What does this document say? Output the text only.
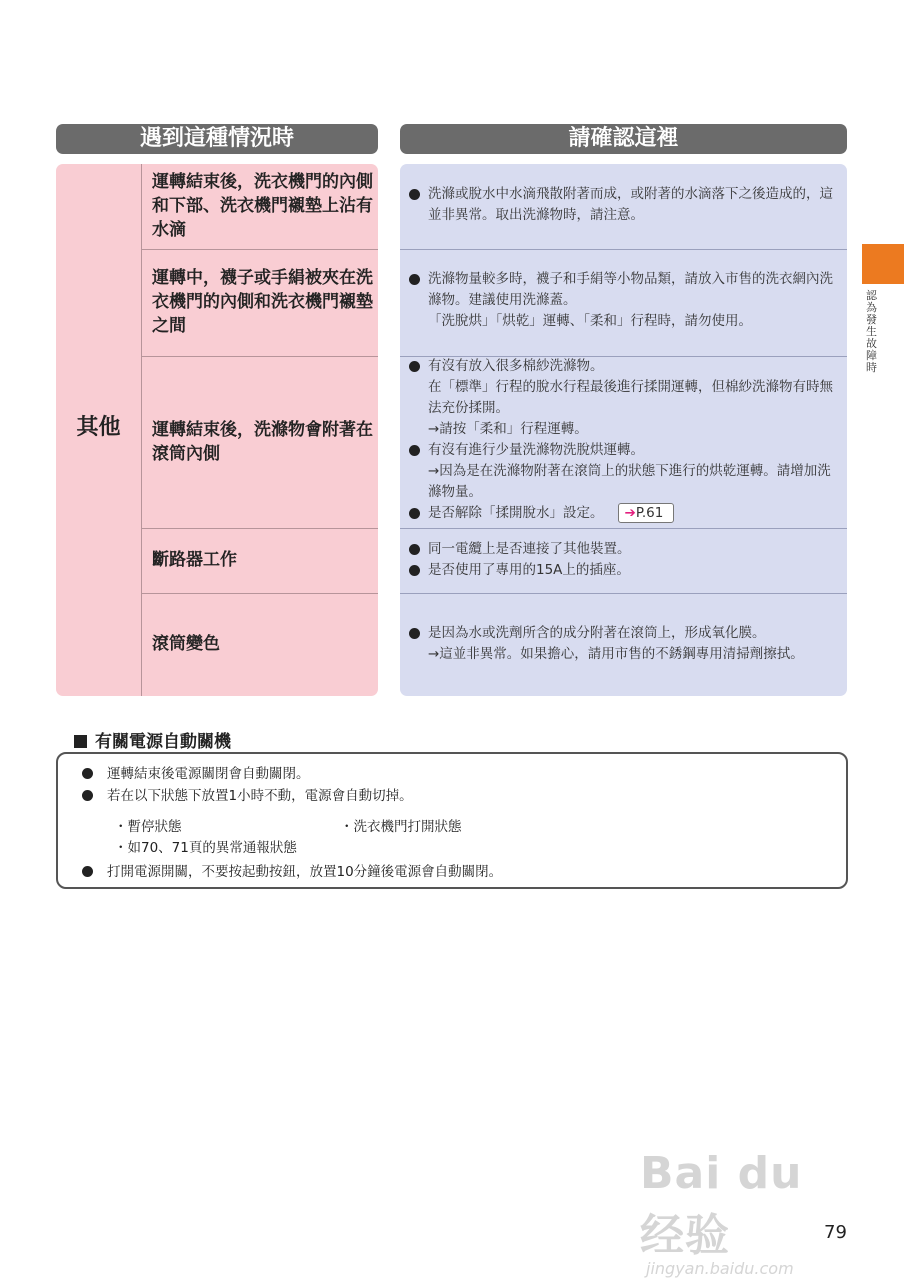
遇到這種情況時	請確認這裡
其他
運轉結束後，洗衣機門的內側和下部、洗衣機門襯墊上沾有水滴
洗滌或脫水中水滴飛散附著而成，或附著的水滴落下之後造成的，這並非異常。取出洗滌物時，請注意。
運轉中，襪子或手絹被夾在洗衣機門的內側和洗衣機門襯墊之間
洗滌物量較多時，襪子和手絹等小物品類，請放入市售的洗衣網內洗滌物。建議使用洗滌蓋。
「洗脫烘」「烘乾」運轉、「柔和」行程時，請勿使用。
運轉結束後，洗滌物會附著在滾筒內側
有沒有放入很多棉紗洗滌物。
在「標準」行程的脫水行程最後進行揉開運轉，但棉紗洗滌物有時無法充份揉開。
→請按「柔和」行程運轉。
有沒有進行少量洗滌物洗脫烘運轉。
→因為是在洗滌物附著在滾筒上的狀態下進行的烘乾運轉。請增加洗滌物量。
是否解除「揉開脫水」設定。 ➔P.61
斷路器工作
同一電纜上是否連接了其他裝置。
是否使用了專用的15A上的插座。
滾筒變色
是因為水或洗劑所含的成分附著在滾筒上，形成氧化膜。
→這並非異常。如果擔心，請用市售的不銹鋼專用清掃劑擦拭。
認為發生故障時
有關電源自動關機
運轉結束後電源關閉會自動關閉。
若在以下狀態下放置1小時不動，電源會自動切掉。
・暫停狀態	・洗衣機門打開狀態
・如70、71頁的異常通報狀態
打開電源開關，不要按起動按鈕，放置10分鐘後電源會自動關閉。
Bai du 经验
jingyan.baidu.com
79
